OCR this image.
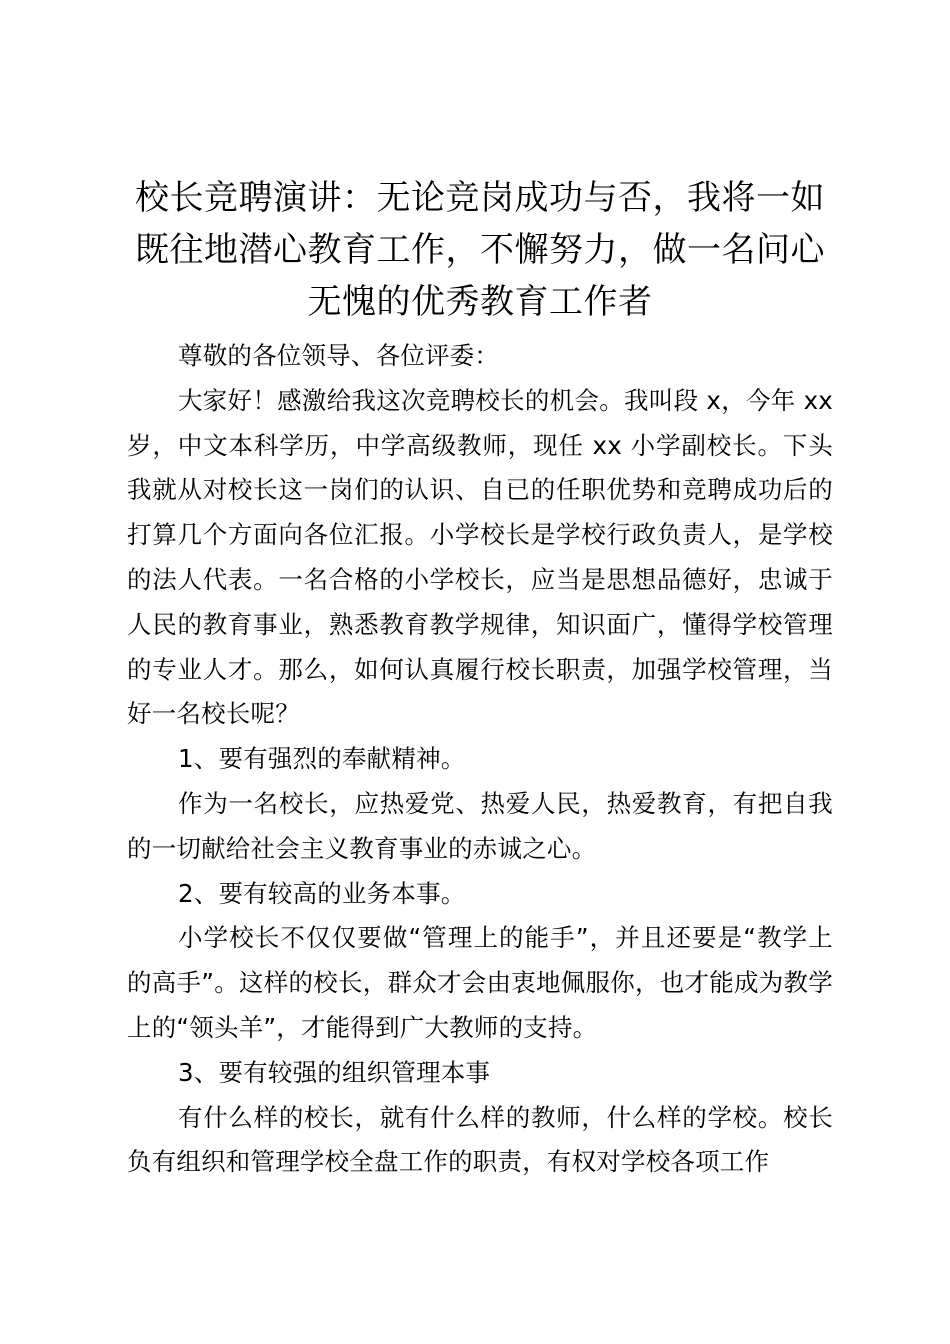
校长竞聘演讲：无论竞岗成功与否，我将一如
既往地潜心教育工作，不懈努力，做一名问心
无愧的优秀教育工作者

尊敬的各位领导、各位评委：

大家好！感激给我这次竞聘校长的机会。我叫段 x，今年 xx 岁，中文本科学历，中学高级教师，现任 xx 小学副校长。下头我就从对校长这一岗们的认识、自已的任职优势和竞聘成功后的打算几个方面向各位汇报。小学校长是学校行政负责人，是学校的法人代表。一名合格的小学校长，应当是思想品德好，忠诚于人民的教育事业，熟悉教育教学规律，知识面广，懂得学校管理的专业人才。那么，如何认真履行校长职责，加强学校管理，当好一名校长呢？

1、要有强烈的奉献精神。

作为一名校长，应热爱党、热爱人民，热爱教育，有把自我的一切献给社会主义教育事业的赤诚之心。

2、要有较高的业务本事。

小学校长不仅仅要做“管理上的能手”，并且还要是“教学上的高手”。这样的校长，群众才会由衷地佩服你，也才能成为教学上的“领头羊”，才能得到广大教师的支持。

3、要有较强的组织管理本事

有什么样的校长，就有什么样的教师，什么样的学校。校长负有组织和管理学校全盘工作的职责，有权对学校各项工作
